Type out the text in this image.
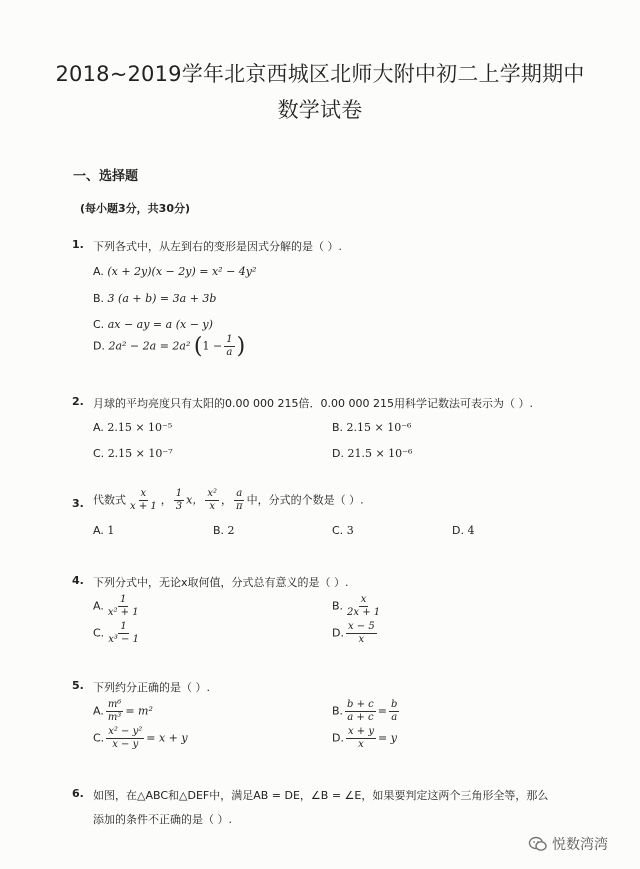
2018~2019学年北京西城区北师大附中初二上学期期中
数学试卷
一、选择题
(每小题3分，共30分)
1. 下列各式中，从左到右的变形是因式分解的是（ ）.
A. (x + 2y)(x − 2y) = x² − 4y²
B. 3 (a + b) = 3a + 3b
C. ax − ay = a (x − y)
D. 2a² − 2a = 2a² ($1 - \frac{1}{a}$ )
2. 月球的平均亮度只有太阳的0.00 000 215倍．0.00 000 215用科学记数法可表示为（ ）.
A. 2.15 × 10⁻⁵	B. 2.15 × 10⁻⁶
C. 2.15 × 10⁻⁷	D. 21.5 × 10⁻⁶
3. 代数式 $\frac{x}{x + 1}$ ， $\frac{1}{3}$ x， $\frac{\text{x²}}{x}$ ， $\frac{a}{\pi}$ 中，分式的个数是（ ）.
A. 1	B. 2	C. 3	D. 4
4. 下列分式中，无论x取何值，分式总有意义的是（ ）.
A. $\frac{1}{\text{x² + 1}}$	B. $\frac{x}{2x + 1}$
C. $\frac{1}{\text{x³ − 1}}$	D. $\frac{x - 5}{x}$
5. 下列约分正确的是（ ）.
A. $\frac{\text{m⁶}}{\text{m³}} = m^2$	B. $\frac{b + c}{a + c} = \frac{b}{a}$
C. $\frac{\text{x² − y²}}{x - y} = x + y$	D. $\frac{x + y}{x} = y$
6. 如图，在△ABC和△DEF中，满足AB = DE，∠B = ∠E，如果要判定这两个三角形全等，那么
添加的条件不正确的是（ ）.
悦数湾湾
